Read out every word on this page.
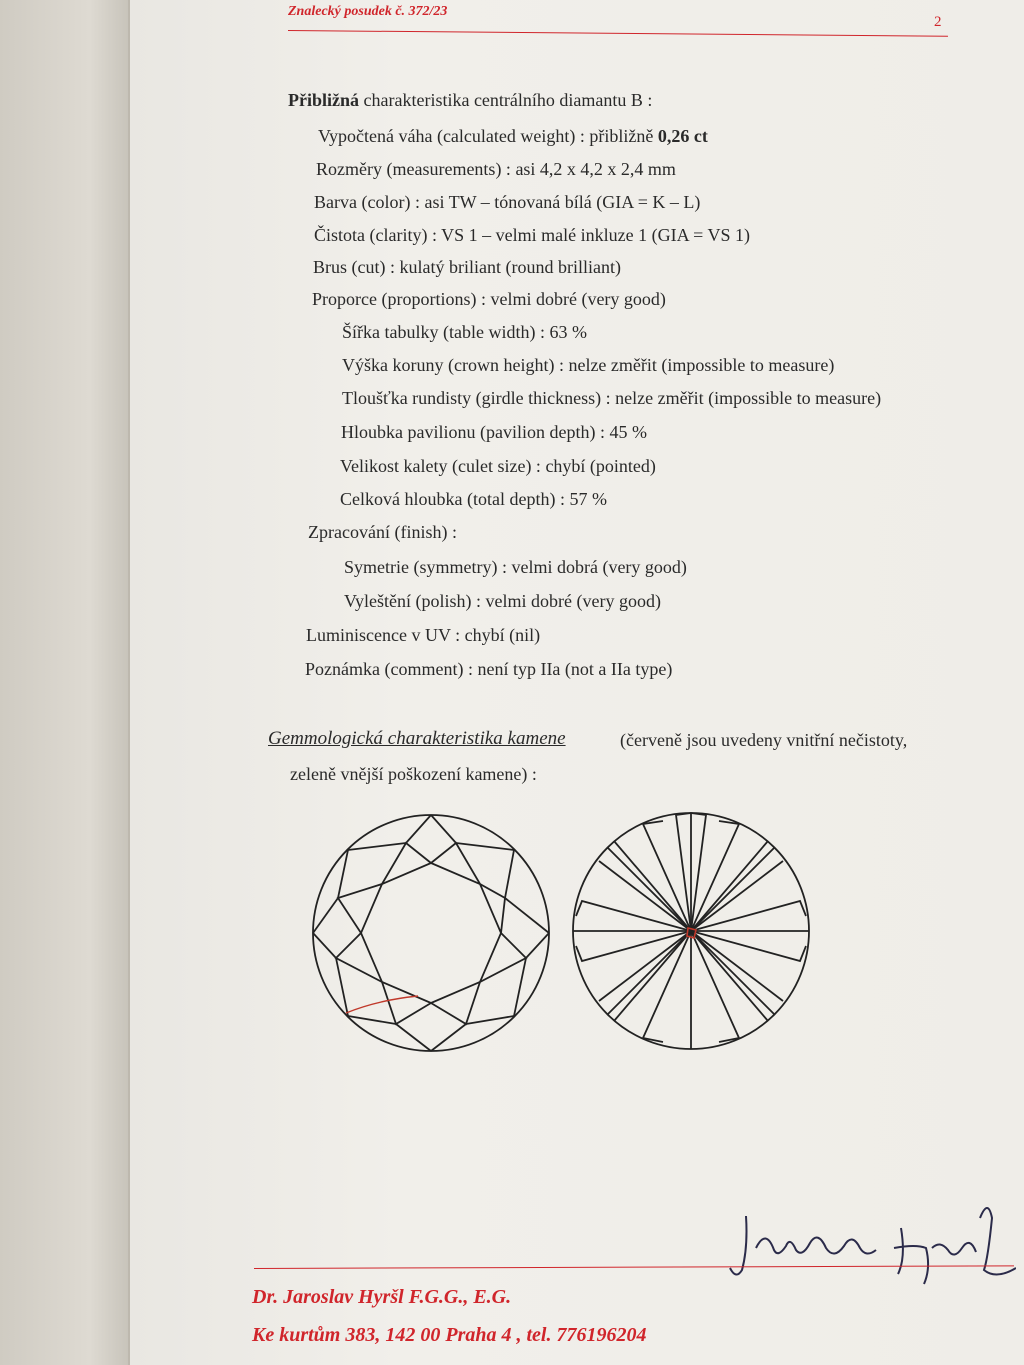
Znalecký posudek č. 372/23
2
Přibližná charakteristika centrálního diamantu B :
Vypočtená váha (calculated weight) : přibližně 0,26 ct
Rozměry (measurements) : asi 4,2 x 4,2 x 2,4 mm
Barva (color) : asi TW – tónovaná bílá (GIA = K – L)
Čistota (clarity) : VS 1 – velmi malé inkluze 1 (GIA = VS 1)
Brus (cut) : kulatý briliant (round brilliant)
Proporce (proportions) : velmi dobré (very good)
Šířka tabulky (table width) : 63 %
Výška koruny (crown height) : nelze změřit (impossible to measure)
Tloušťka rundisty (girdle thickness) : nelze změřit (impossible to measure)
Hloubka pavilionu (pavilion depth) : 45 %
Velikost kalety (culet size) : chybí (pointed)
Celková hloubka (total depth) : 57 %
Zpracování (finish) :
Symetrie (symmetry) : velmi dobrá (very good)
Vyleštění (polish) : velmi dobré (very good)
Luminiscence v UV : chybí (nil)
Poznámka (comment) : není typ IIa (not a IIa type)
Gemmologická charakteristika kamene	(červeně jsou uvedeny vnitřní nečistoty,
zeleně vnější poškození kamene) :
Dr. Jaroslav Hyršl F.G.G., E.G.
Ke kurtům 383, 142 00 Praha 4 , tel. 776196204
